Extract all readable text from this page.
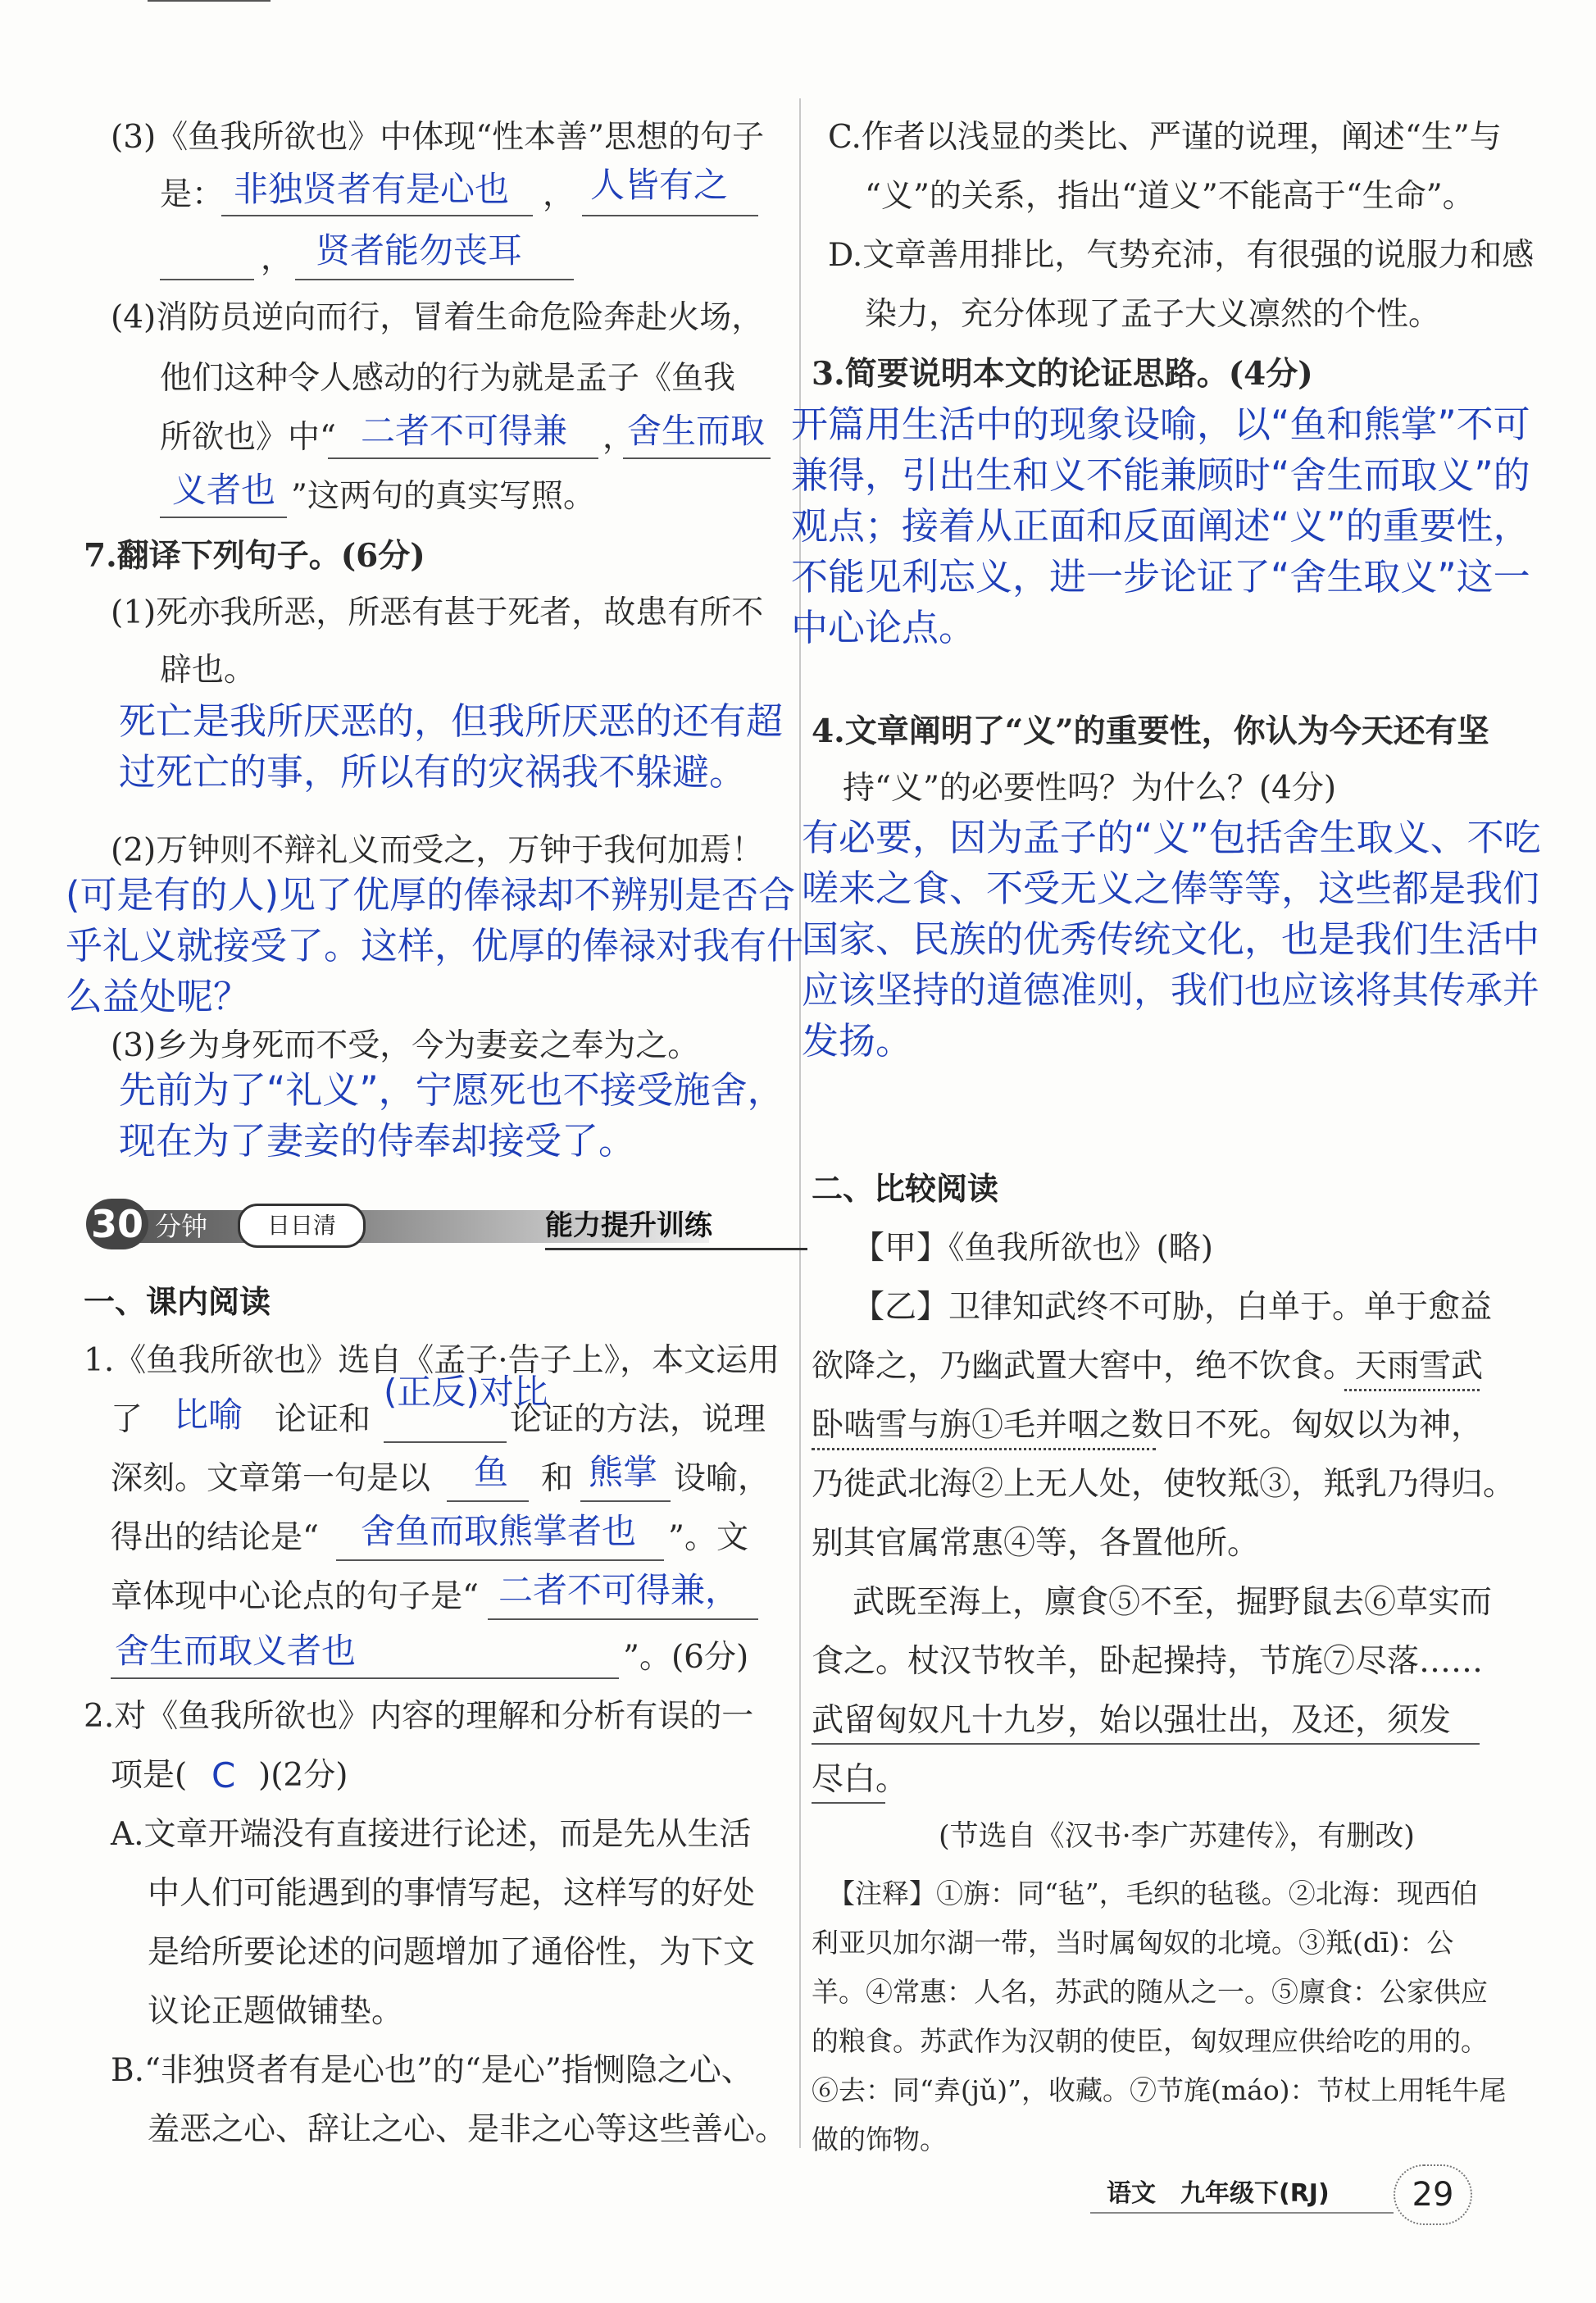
(3)《鱼我所欲也》中体现“性本善”思想的句子
是： 非独贤者有是心也 ， 人皆有之
， 贤者能勿丧耳
(4)消防员逆向而行，冒着生命危险奔赴火场，
他们这种令人感动的行为就是孟子《鱼我
所欲也》中“ 二者不可得兼 ，
舍生而取
义者也 ”这两句的真实写照。
7.翻译下列句子。(6分)
(1)死亦我所恶，所恶有甚于死者，故患有所不
辟也。
死亡是我所厌恶的，但我所厌恶的还有超
过死亡的事，所以有的灾祸我不躲避。
(2)万钟则不辩礼义而受之，万钟于我何加焉！
(可是有的人)见了优厚的俸禄却不辨别是否合
乎礼义就接受了。这样，优厚的俸禄对我有什
么益处呢？
(3)乡为身死而不受，今为妻妾之奉为之。
先前为了“礼义”，宁愿死也不接受施舍，
现在为了妻妾的侍奉却接受了。
30 分钟	日日清	能力提升训练
一、课内阅读
1.《鱼我所欲也》选自《孟子·告子上》，本文运用
了 比喻 论证和
(正反)对比
论证的方法，说理
深刻。文章第一句是以 鱼 和 熊掌 设喻，
得出的结论是“ 舍鱼而取熊掌者也 ”。文
章体现中心论点的句子是“ 二者不可得兼，
舍生而取义者也	”。(6分)
2.对《鱼我所欲也》内容的理解和分析有误的一
项是( C )(2分)
A.文章开端没有直接进行论述，而是先从生活
中人们可能遇到的事情写起，这样写的好处
是给所要论述的问题增加了通俗性，为下文
议论正题做铺垫。
B.“非独贤者有是心也”的“是心”指恻隐之心、
羞恶之心、辞让之心、是非之心等这些善心。
C.作者以浅显的类比、严谨的说理，阐述“生”与
“义”的关系，指出“道义”不能高于“生命”。
D.文章善用排比，气势充沛，有很强的说服力和感
染力，充分体现了孟子大义凛然的个性。
3.简要说明本文的论证思路。(4分)
开篇用生活中的现象设喻，以“鱼和熊掌”不可
兼得，引出生和义不能兼顾时“舍生而取义”的
观点；接着从正面和反面阐述“义”的重要性，
不能见利忘义，进一步论证了“舍生取义”这一
中心论点。
4.文章阐明了“义”的重要性，你认为今天还有坚
持“义”的必要性吗？为什么？(4分)
有必要，因为孟子的“义”包括舍生取义、不吃
嗟来之食、不受无义之俸等等，这些都是我们
国家、民族的优秀传统文化，也是我们生活中
应该坚持的道德准则，我们也应该将其传承并
发扬。
二、比较阅读
【甲】《鱼我所欲也》(略)
【乙】卫律知武终不可胁，白单于。单于愈益
欲降之，乃幽武置大窖中，绝不饮食。天雨雪武
卧啮雪与旃①毛并咽之数日不死。匈奴以为神，
乃徙武北海②上无人处，使牧羝③，羝乳乃得归。
别其官属常惠④等，各置他所。
武既至海上，廪食⑤不至，掘野鼠去⑥草实而
食之。杖汉节牧羊，卧起操持，节旄⑦尽落……
武留匈奴凡十九岁，始以强壮出，及还，须发
尽白。
(节选自《汉书·李广苏建传》，有删改)
【注释】①旃：同“毡”，毛织的毡毯。②北海：现西伯
利亚贝加尔湖一带，当时属匈奴的北境。③羝(dī)：公
羊。④常惠：人名，苏武的随从之一。⑤廪食：公家供应
的粮食。苏武作为汉朝的使臣，匈奴理应供给吃的用的。
⑥去：同“弆(jǔ)”，收藏。⑦节旄(máo)：节杖上用牦牛尾
做的饰物。
语文　九年级下(RJ)	29
